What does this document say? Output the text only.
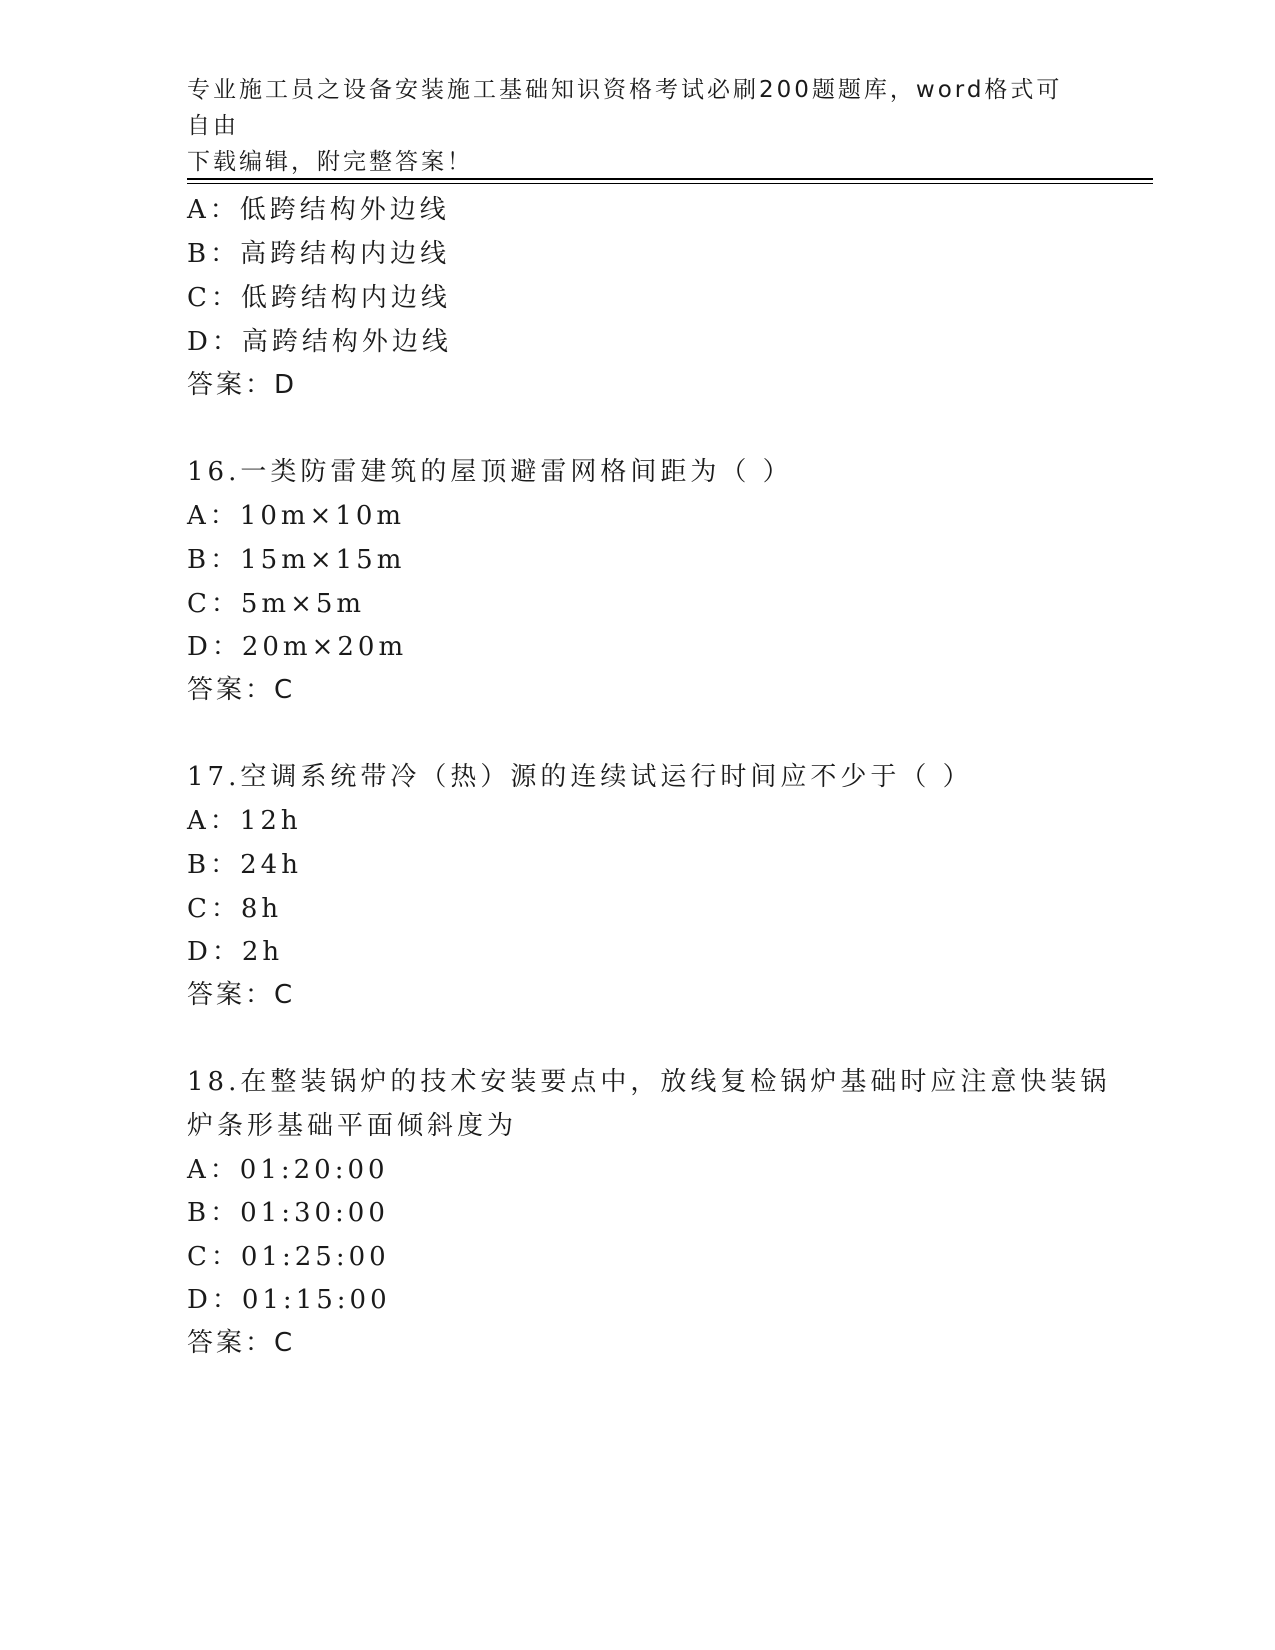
专业施工员之设备安装施工基础知识资格考试必刷200题题库，word格式可自由
下载编辑，附完整答案！
A：低跨结构外边线
B：高跨结构内边线
C：低跨结构内边线
D：高跨结构外边线
答案：D
16.一类防雷建筑的屋顶避雷网格间距为（ ）
A：10m×10m
B：15m×15m
C：5m×5m
D：20m×20m
答案：C
17.空调系统带冷（热）源的连续试运行时间应不少于（ ）
A：12h
B：24h
C：8h
D：2h
答案：C
18.在整装锅炉的技术安装要点中，放线复检锅炉基础时应注意快装锅
炉条形基础平面倾斜度为
A：01:20:00
B：01:30:00
C：01:25:00
D：01:15:00
答案：C
